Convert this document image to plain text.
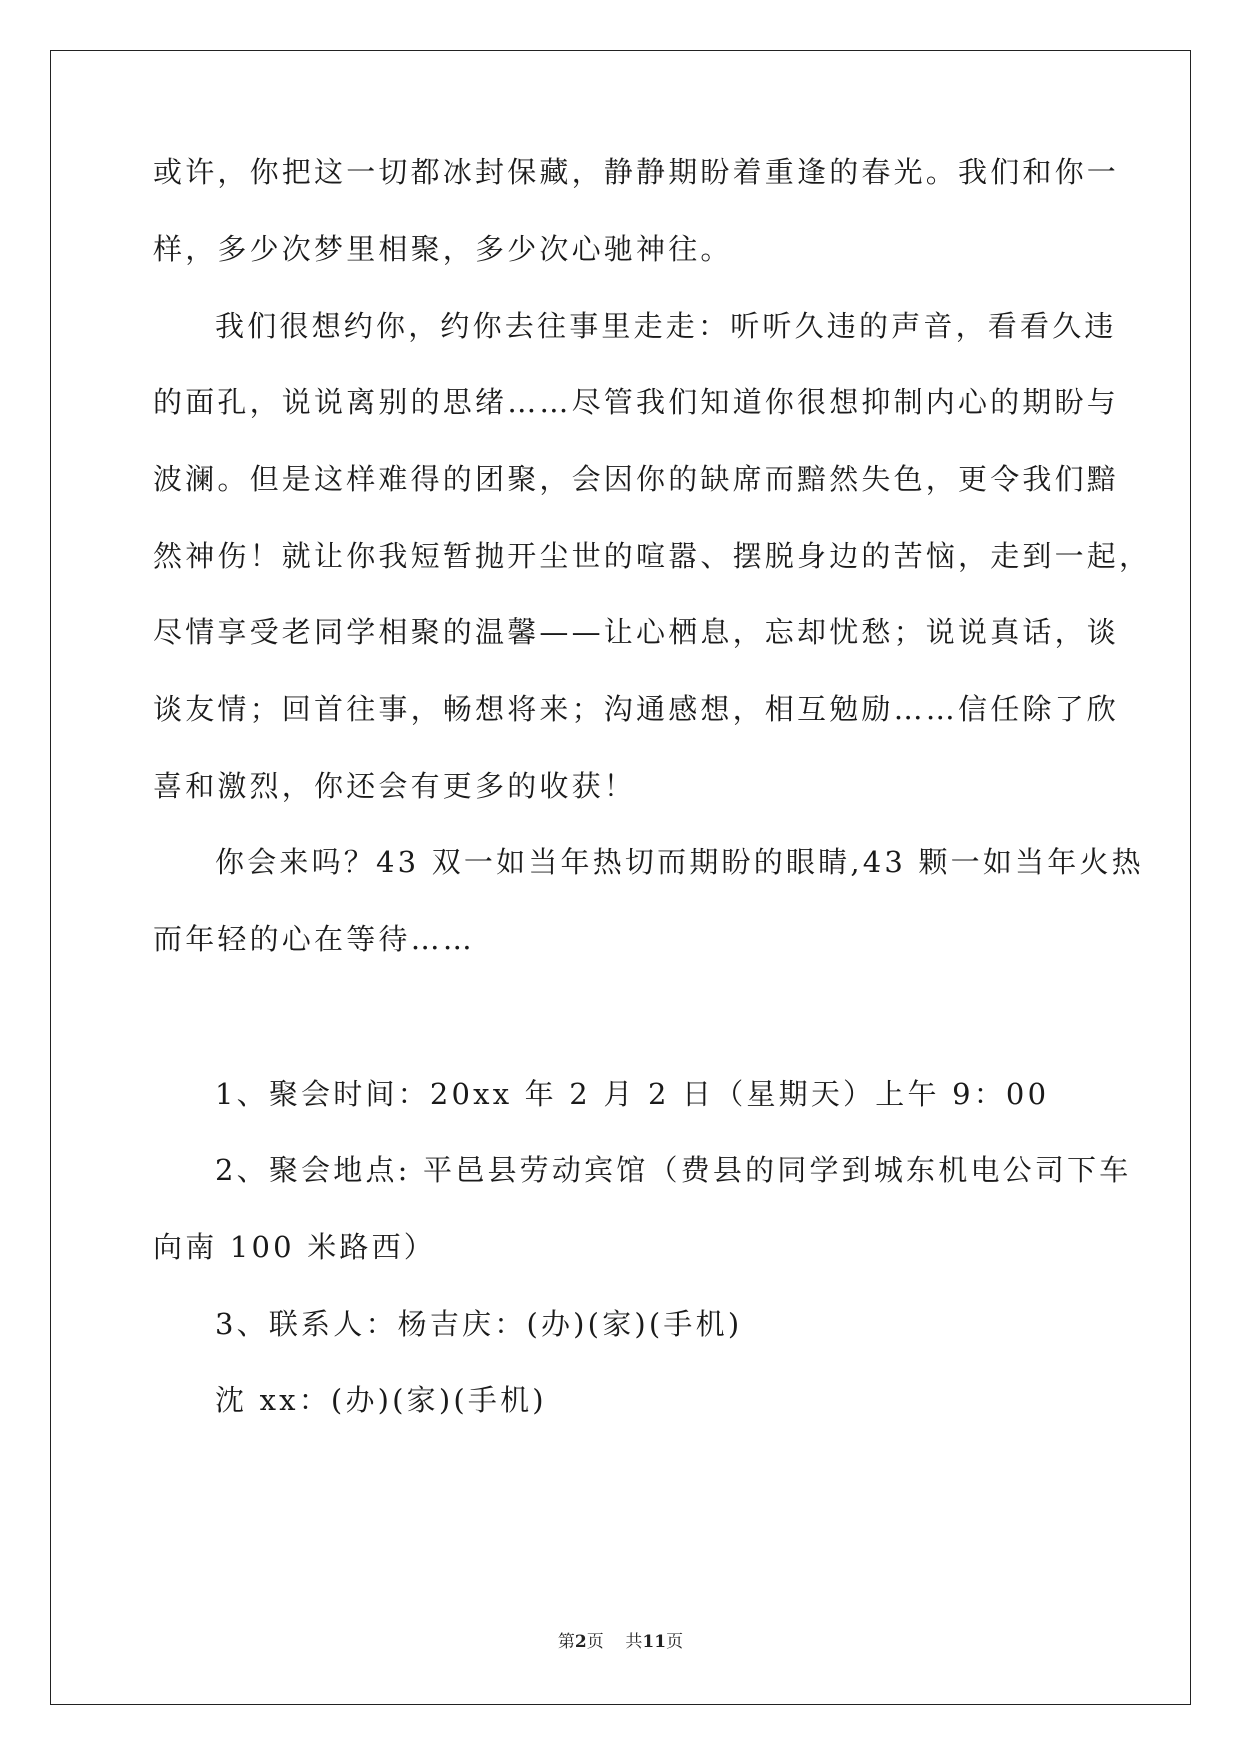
或许，你把这一切都冰封保藏，静静期盼着重逢的春光。我们和你一
样，多少次梦里相聚，多少次心驰神往。
我们很想约你，约你去往事里走走：听听久违的声音，看看久违
的面孔，说说离别的思绪……尽管我们知道你很想抑制内心的期盼与
波澜。但是这样难得的团聚，会因你的缺席而黯然失色，更令我们黯
然神伤！就让你我短暂抛开尘世的喧嚣、摆脱身边的苦恼，走到一起，
尽情享受老同学相聚的温馨——让心栖息，忘却忧愁；说说真话，谈
谈友情；回首往事，畅想将来；沟通感想，相互勉励……信任除了欣
喜和激烈，你还会有更多的收获！
你会来吗？43 双一如当年热切而期盼的眼睛,43 颗一如当年火热
而年轻的心在等待……
1、聚会时间：20xx 年 2 月 2 日（星期天）上午 9：00
2、聚会地点: 平邑县劳动宾馆（费县的同学到城东机电公司下车
向南 100 米路西）
3、联系人：杨吉庆：(办)(家)(手机)
沈 xx：(办)(家)(手机)
第2页 共11页
